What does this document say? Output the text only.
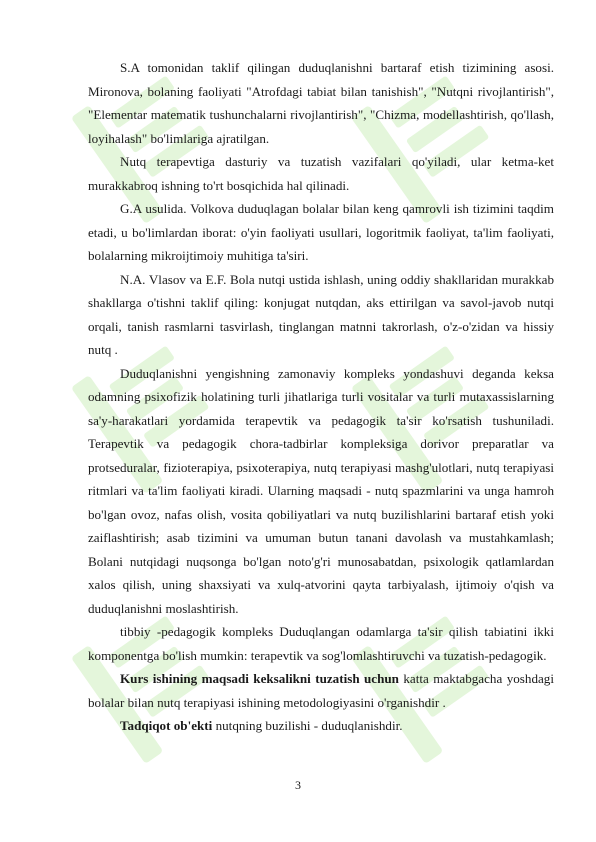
S.A tomonidan taklif qilingan duduqlanishni bartaraf etish tizimining asosi. Mironova, bolaning faoliyati "Atrofdagi tabiat bilan tanishish", "Nutqni rivojlantirish", "Elementar matematik tushunchalarni rivojlantirish", "Chizma, modellashtirish, qo'llash, loyihalash" bo'limlariga ajratilgan.

Nutq terapevtiga dasturiy va tuzatish vazifalari qo'yiladi, ular ketma-ket murakkabroq ishning to'rt bosqichida hal qilinadi.

G.A usulida. Volkova duduqlagan bolalar bilan keng qamrovli ish tizimini taqdim etadi, u bo'limlardan iborat: o'yin faoliyati usullari, logoritmik faoliyat, ta'lim faoliyati, bolalarning mikroijtimoiy muhitiga ta'siri.

N.A. Vlasov va E.F. Bola nutqi ustida ishlash, uning oddiy shakllaridan murakkab shakllarga o'tishni taklif qiling: konjugat nutqdan, aks ettirilgan va savol-javob nutqi orqali, tanish rasmlarni tasvirlash, tinglangan matnni takrorlash, o'z-o'zidan va hissiy nutq .

Duduqlanishni yengishning zamonaviy kompleks yondashuvi deganda keksa odamning psixofizik holatining turli jihatlariga turli vositalar va turli mutaxassislarning sa'y-harakatlari yordamida terapevtik va pedagogik ta'sir ko'rsatish tushuniladi. Terapevtik va pedagogik chora-tadbirlar kompleksiga dorivor preparatlar va protseduralar, fizioterapiya, psixoterapiya, nutq terapiyasi mashg'ulotlari, nutq terapiyasi ritmlari va ta'lim faoliyati kiradi. Ularning maqsadi - nutq spazmlarini va unga hamroh bo'lgan ovoz, nafas olish, vosita qobiliyatlari va nutq buzilishlarini bartaraf etish yoki zaiflashtirish; asab tizimini va umuman butun tanani davolash va mustahkamlash; Bolani nutqidagi nuqsonga bo'lgan noto'g'ri munosabatdan, psixologik qatlamlardan xalos qilish, uning shaxsiyati va xulq-atvorini qayta tarbiyalash, ijtimoiy o'qish va duduqlanishni moslashtirish.

tibbiy -pedagogik kompleks Duduqlangan odamlarga ta'sir qilish tabiatini ikki komponentga bo'lish mumkin: terapevtik va sog'lomlashtiruvchi va tuzatish-pedagogik.

Kurs ishining maqsadi keksalikni tuzatish uchun katta maktabgacha yoshdagi bolalar bilan nutq terapiyasi ishining metodologiyasini o'rganishdir .

Tadqiqot ob'ekti nutqning buzilishi - duduqlanishdir.

3
